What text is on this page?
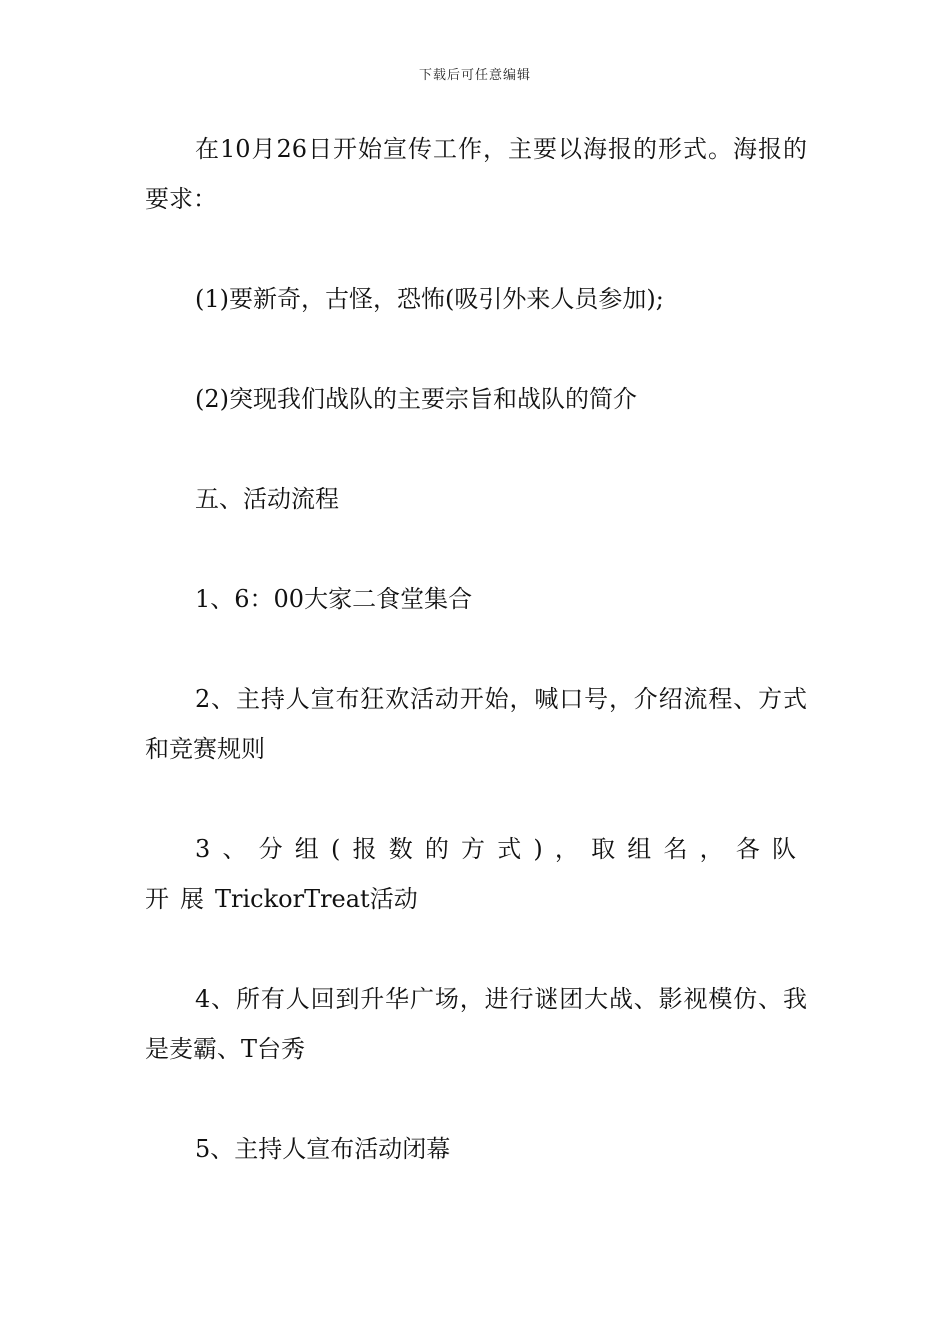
下载后可任意编辑

在10月26日开始宣传工作，主要以海报的形式。海报的要求：

(1)要新奇，古怪，恐怖(吸引外来人员参加);

(2)突现我们战队的主要宗旨和战队的简介

五、活动流程

1、6：00大家二食堂集合

2、主持人宣布狂欢活动开始，喊口号，介绍流程、方式和竞赛规则

3、分组(报数的方式)，取组名，各队开展TrickorTreat活动

4、所有人回到升华广场，进行谜团大战、影视模仿、我是麦霸、T台秀

5、主持人宣布活动闭幕
